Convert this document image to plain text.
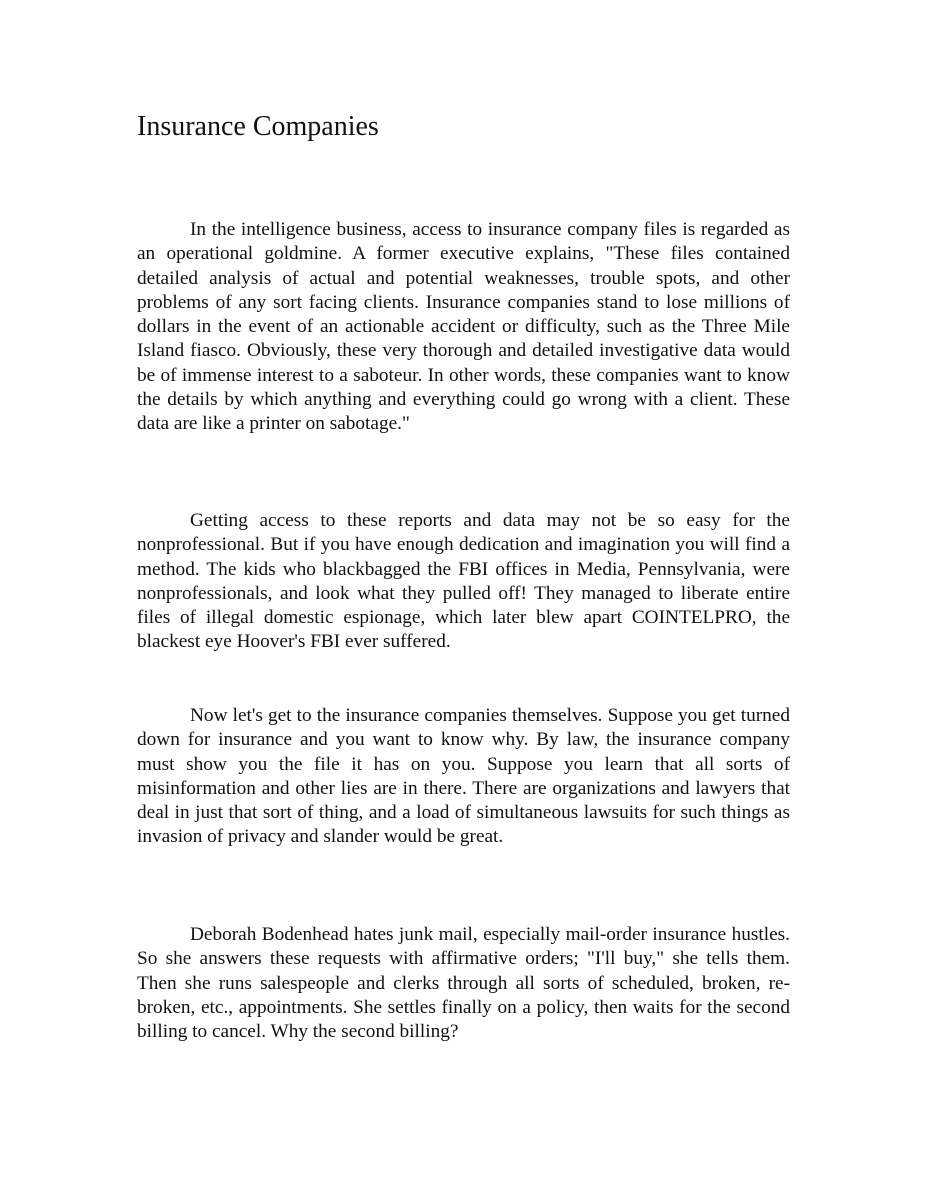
Insurance Companies

In the intelligence business, access to insurance company files is regarded as an operational goldmine. A former executive explains, "These files contained detailed analysis of actual and potential weaknesses, trouble spots, and other problems of any sort facing clients. Insurance companies stand to lose millions of dollars in the event of an actionable accident or difficulty, such as the Three Mile Island fiasco. Obviously, these very thorough and detailed investigative data would be of immense interest to a saboteur. In other words, these companies want to know the details by which anything and everything could go wrong with a client. These data are like a printer on sabotage."

Getting access to these reports and data may not be so easy for the nonprofessional. But if you have enough dedication and imagination you will find a method. The kids who blackbagged the FBI offices in Media, Pennsylvania, were nonprofessionals, and look what they pulled off! They managed to liberate entire files of illegal domestic espionage, which later blew apart COINTELPRO, the blackest eye Hoover's FBI ever suffered.

Now let's get to the insurance companies themselves. Suppose you get turned down for insurance and you want to know why. By law, the insurance company must show you the file it has on you. Suppose you learn that all sorts of misinformation and other lies are in there. There are organizations and lawyers that deal in just that sort of thing, and a load of simultaneous lawsuits for such things as invasion of privacy and slander would be great.

Deborah Bodenhead hates junk mail, especially mail-order insurance hustles. So she answers these requests with affirmative orders; "I'll buy," she tells them. Then she runs salespeople and clerks through all sorts of scheduled, broken, re-broken, etc., appointments. She settles finally on a policy, then waits for the second billing to cancel. Why the second billing?
